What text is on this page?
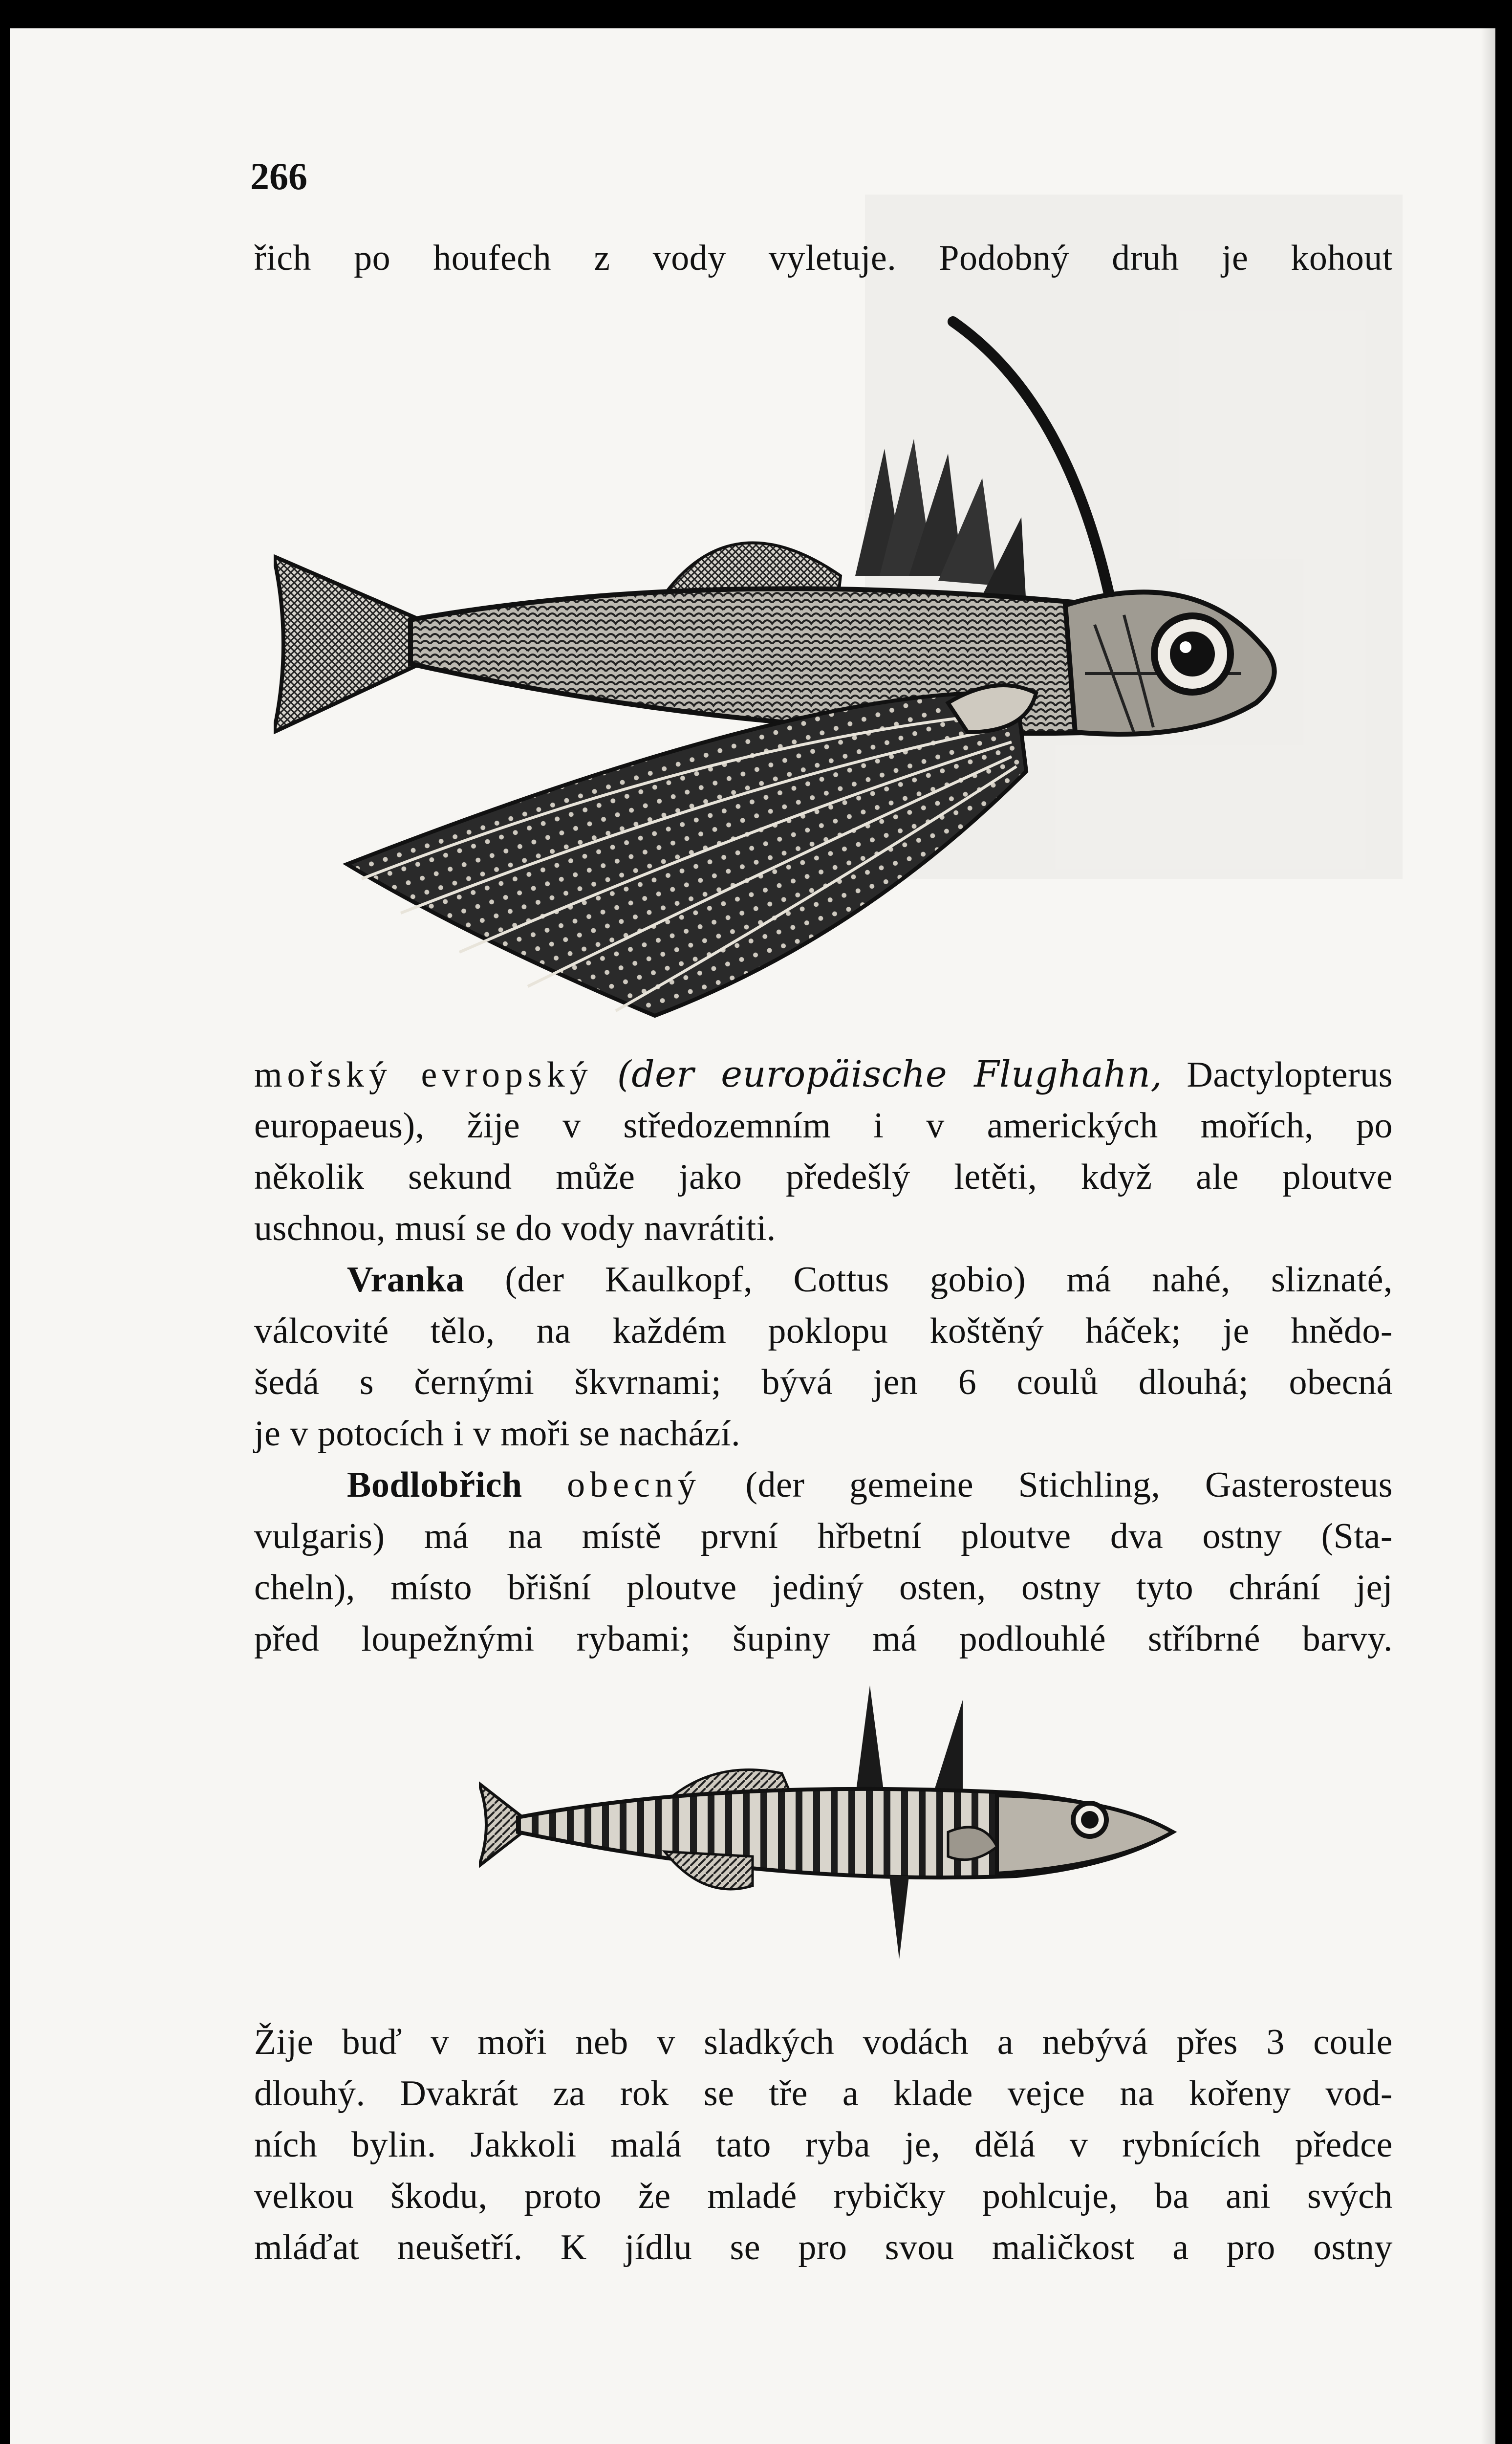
266
řich po houfech z vody vyletuje. Podobný druh je kohout
mořský evropský (der europäische Flughahn, Dactylopterus
europaeus), žije v středozemním i v amerických mořích, po
několik sekund může jako předešlý letěti, když ale ploutve
uschnou, musí se do vody navrátiti.
Vranka (der Kaulkopf, Cottus gobio) má nahé, sliznaté,
válcovité tělo, na každém poklopu koštěný háček; je hnědo-
šedá s černými škvrnami; bývá jen 6 coulů dlouhá; obecná
je v potocích i v moři se nachází.
Bodlobřich obecný (der gemeine Stichling, Gasterosteus
vulgaris) má na místě první hřbetní ploutve dva ostny (Sta-
cheln), místo břišní ploutve jediný osten, ostny tyto chrání jej
před loupežnými rybami; šupiny má podlouhlé stříbrné barvy.
Žije buď v moři neb v sladkých vodách a nebývá přes 3 coule
dlouhý. Dvakrát za rok se tře a klade vejce na kořeny vod-
ních bylin. Jakkoli malá tato ryba je, dělá v rybnících předce
velkou škodu, proto že mladé rybičky pohlcuje, ba ani svých
mláďat neušetří. K jídlu se pro svou maličkost a pro ostny
